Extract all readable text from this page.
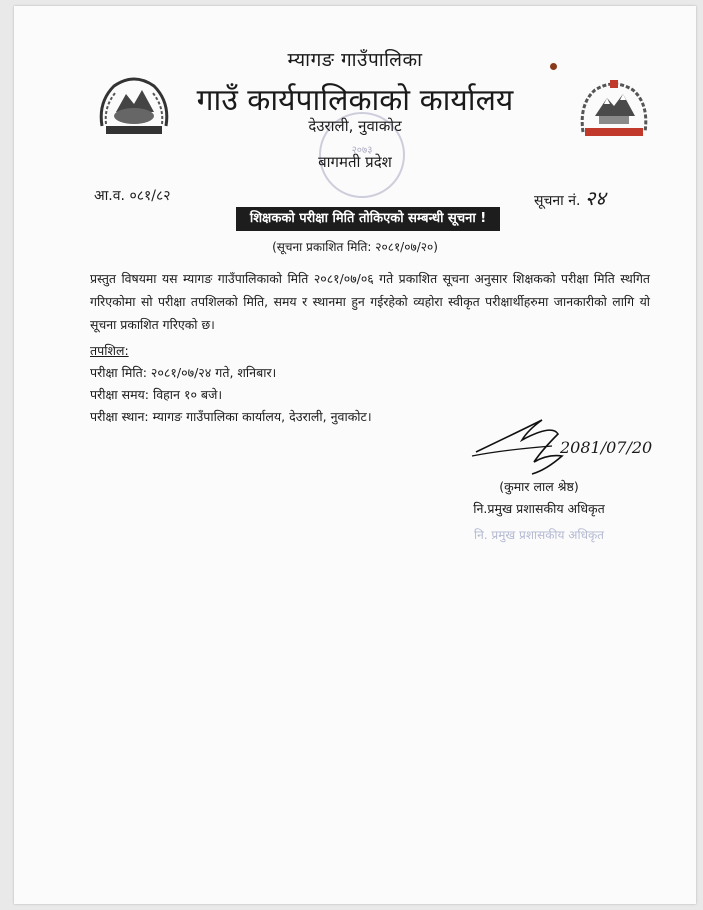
म्यागङ गाउँपालिका
गाउँ कार्यपालिकाको कार्यालय
२०७३
देउराली, नुवाकोट
बागमती प्रदेश
आ.व. ०८१/८२	सूचना नं. २४
शिक्षकको परीक्षा मिति तोकिएको सम्बन्धी सूचना !
(सूचना प्रकाशित मिति: २०८१/०७/२०)
प्रस्तुत विषयमा यस म्यागङ गाउँपालिकाको मिति २०८१/०७/०६ गते प्रकाशित सूचना अनुसार शिक्षकको परीक्षा मिति स्थगित गरिएकोमा सो परीक्षा तपशिलको मिति, समय र स्थानमा हुन गईरहेको व्यहोरा स्वीकृत परीक्षार्थीहरुमा जानकारीको लागि यो सूचना प्रकाशित गरिएको छ।
तपशिल:
परीक्षा मिति: २०८१/०७/२४ गते, शनिबार।
परीक्षा समय: विहान १० बजे।
परीक्षा स्थान: म्यागङ गाउँपालिका कार्यालय, देउराली, नुवाकोट।
2081/07/20
(कुमार लाल श्रेष्ठ)
नि.प्रमुख प्रशासकीय अधिकृत
नि. प्रमुख प्रशासकीय अधिकृत
